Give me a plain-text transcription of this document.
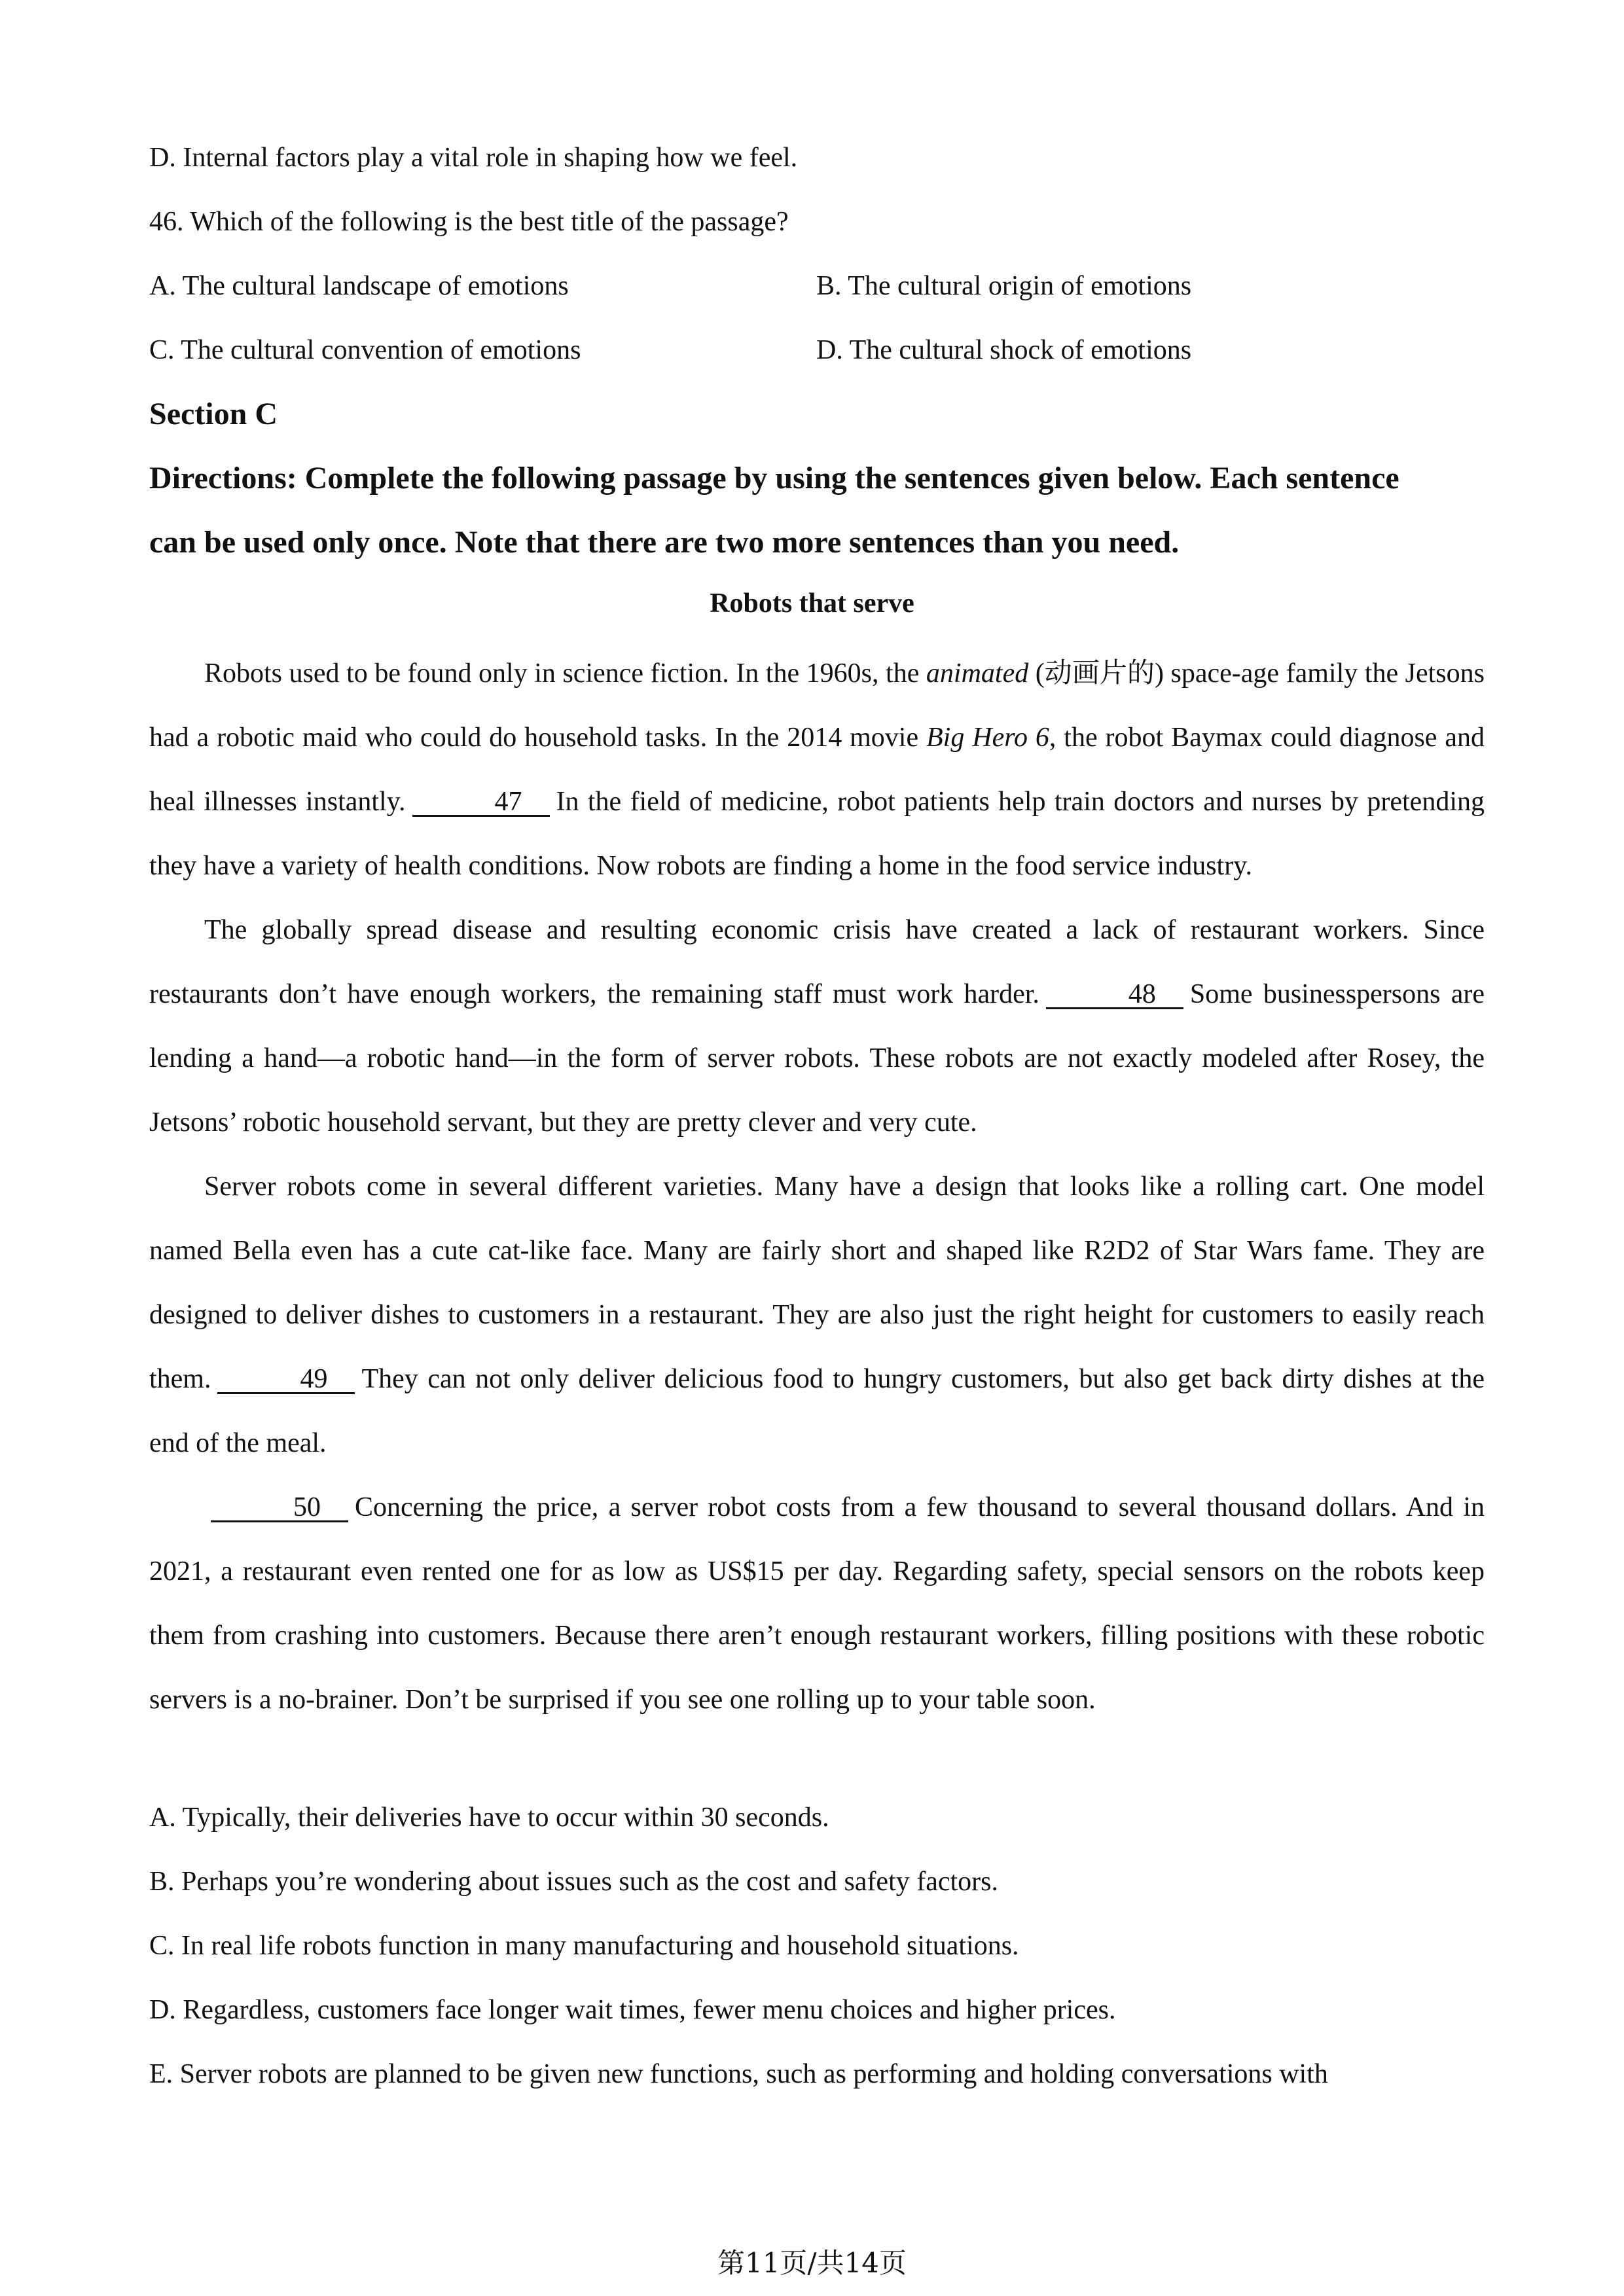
D. Internal factors play a vital role in shaping how we feel.
46. Which of the following is the best title of the passage?
A. The cultural landscape of emotions	B. The cultural origin of emotions
C. The cultural convention of emotions	D. The cultural shock of emotions
Section C
Directions: Complete the following passage by using the sentences given below. Each sentence
can be used only once. Note that there are two more sentences than you need.
Robots that serve

Robots used to be found only in science fiction. In the 1960s, the animated (动画片的) space-age family the Jetsons had a robotic maid who could do household tasks. In the 2014 movie Big Hero 6, the robot Baymax could diagnose and heal illnesses instantly.	47 In the field of medicine, robot patients help train doctors and nurses by pretending they have a variety of health conditions. Now robots are finding a home in the food service industry.

The globally spread disease and resulting economic crisis have created a lack of restaurant workers. Since restaurants don’t have enough workers, the remaining staff must work harder.	48 Some businesspersons are lending a hand—a robotic hand—in the form of server robots. These robots are not exactly modeled after Rosey, the Jetsons’ robotic household servant, but they are pretty clever and very cute.

Server robots come in several different varieties. Many have a design that looks like a rolling cart. One model named Bella even has a cute cat-like face. Many are fairly short and shaped like R2D2 of Star Wars fame. They are designed to deliver dishes to customers in a restaurant. They are also just the right height for customers to easily reach them.	49 They can not only deliver delicious food to hungry customers, but also get back dirty dishes at the end of the meal.

50 Concerning the price, a server robot costs from a few thousand to several thousand dollars. And in 2021, a restaurant even rented one for as low as US$15 per day. Regarding safety, special sensors on the robots keep them from crashing into customers. Because there aren’t enough restaurant workers, filling positions with these robotic servers is a no-brainer. Don’t be surprised if you see one rolling up to your table soon.

A. Typically, their deliveries have to occur within 30 seconds.
B. Perhaps you’re wondering about issues such as the cost and safety factors.
C. In real life robots function in many manufacturing and household situations.
D. Regardless, customers face longer wait times, fewer menu choices and higher prices.
E. Server robots are planned to be given new functions, such as performing and holding conversations with
第11页/共14页
